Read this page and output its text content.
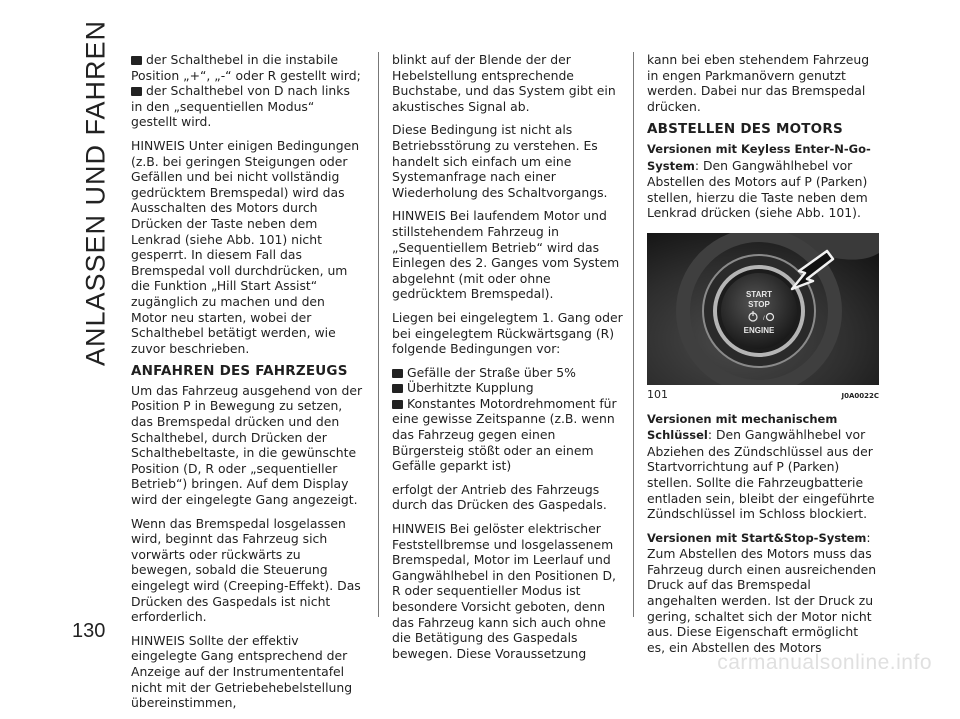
ANLASSEN UND FAHREN
130
der Schalthebel in die instabile Position „+“, „-“ oder R gestellt wird;
der Schalthebel von D nach links in den „sequentiellen Modus“ gestellt wird.

HINWEIS Unter einigen Bedingungen (z.B. bei geringen Steigungen oder Gefällen und bei nicht vollständig gedrücktem Bremspedal) wird das Ausschalten des Motors durch Drücken der Taste neben dem Lenkrad (siehe Abb. 101) nicht gesperrt. In diesem Fall das Bremspedal voll durchdrücken, um die Funktion „Hill Start Assist“ zugänglich zu machen und den Motor neu starten, wobei der Schalthebel betätigt werden, wie zuvor beschrieben.

ANFAHREN DES FAHRZEUGS

Um das Fahrzeug ausgehend von der Position P in Bewegung zu setzen, das Bremspedal drücken und den Schalthebel, durch Drücken der Schalthebeltaste, in die gewünschte Position (D, R oder „sequentieller Betrieb“) bringen. Auf dem Display wird der eingelegte Gang angezeigt.

Wenn das Bremspedal losgelassen wird, beginnt das Fahrzeug sich vorwärts oder rückwärts zu bewegen, sobald die Steuerung eingelegt wird (Creeping-Effekt). Das Drücken des Gaspedals ist nicht erforderlich.

HINWEIS Sollte der effektiv eingelegte Gang entsprechend der Anzeige auf der Instrumententafel nicht mit der Getriebehebelstellung übereinstimmen,

blinkt auf der Blende der der Hebelstellung entsprechende Buchstabe, und das System gibt ein akustisches Signal ab.

Diese Bedingung ist nicht als Betriebsstörung zu verstehen. Es handelt sich einfach um eine Systemanfrage nach einer Wiederholung des Schaltvorgangs.

HINWEIS Bei laufendem Motor und stillstehendem Fahrzeug in „Sequentiellem Betrieb“ wird das Einlegen des 2. Ganges vom System abgelehnt (mit oder ohne gedrücktem Bremspedal).

Liegen bei eingelegtem 1. Gang oder bei eingelegtem Rückwärtsgang (R) folgende Bedingungen vor:

Gefälle der Straße über 5%
Überhitzte Kupplung
Konstantes Motordrehmoment für eine gewisse Zeitspanne (z.B. wenn das Fahrzeug gegen einen Bürgersteig stößt oder an einem Gefälle geparkt ist)

erfolgt der Antrieb des Fahrzeugs durch das Drücken des Gaspedals.

HINWEIS Bei gelöster elektrischer Feststellbremse und losgelassenem Bremspedal, Motor im Leerlauf und Gangwählhebel in den Positionen D, R oder sequentieller Modus ist besondere Vorsicht geboten, denn das Fahrzeug kann sich auch ohne die Betätigung des Gaspedals bewegen. Diese Voraussetzung

kann bei eben stehendem Fahrzeug in engen Parkmanövern genutzt werden. Dabei nur das Bremspedal drücken.

ABSTELLEN DES MOTORS

Versionen mit Keyless Enter-N-Go-System: Den Gangwählhebel vor Abstellen des Motors auf P (Parken) stellen, hierzu die Taste neben dem Lenkrad drücken (siehe Abb. 101).

START
STOP
/
ENGINE
101	J0A0022C

Versionen mit mechanischem Schlüssel: Den Gangwählhebel vor Abziehen des Zündschlüssel aus der Startvorrichtung auf P (Parken) stellen. Sollte die Fahrzeugbatterie entladen sein, bleibt der eingeführte Zündschlüssel im Schloss blockiert.

Versionen mit Start&Stop-System: Zum Abstellen des Motors muss das Fahrzeug durch einen ausreichenden Druck auf das Bremspedal angehalten werden. Ist der Druck zu gering, schaltet sich der Motor nicht aus. Diese Eigenschaft ermöglicht es, ein Abstellen des Motors

carmanualsonline.info
